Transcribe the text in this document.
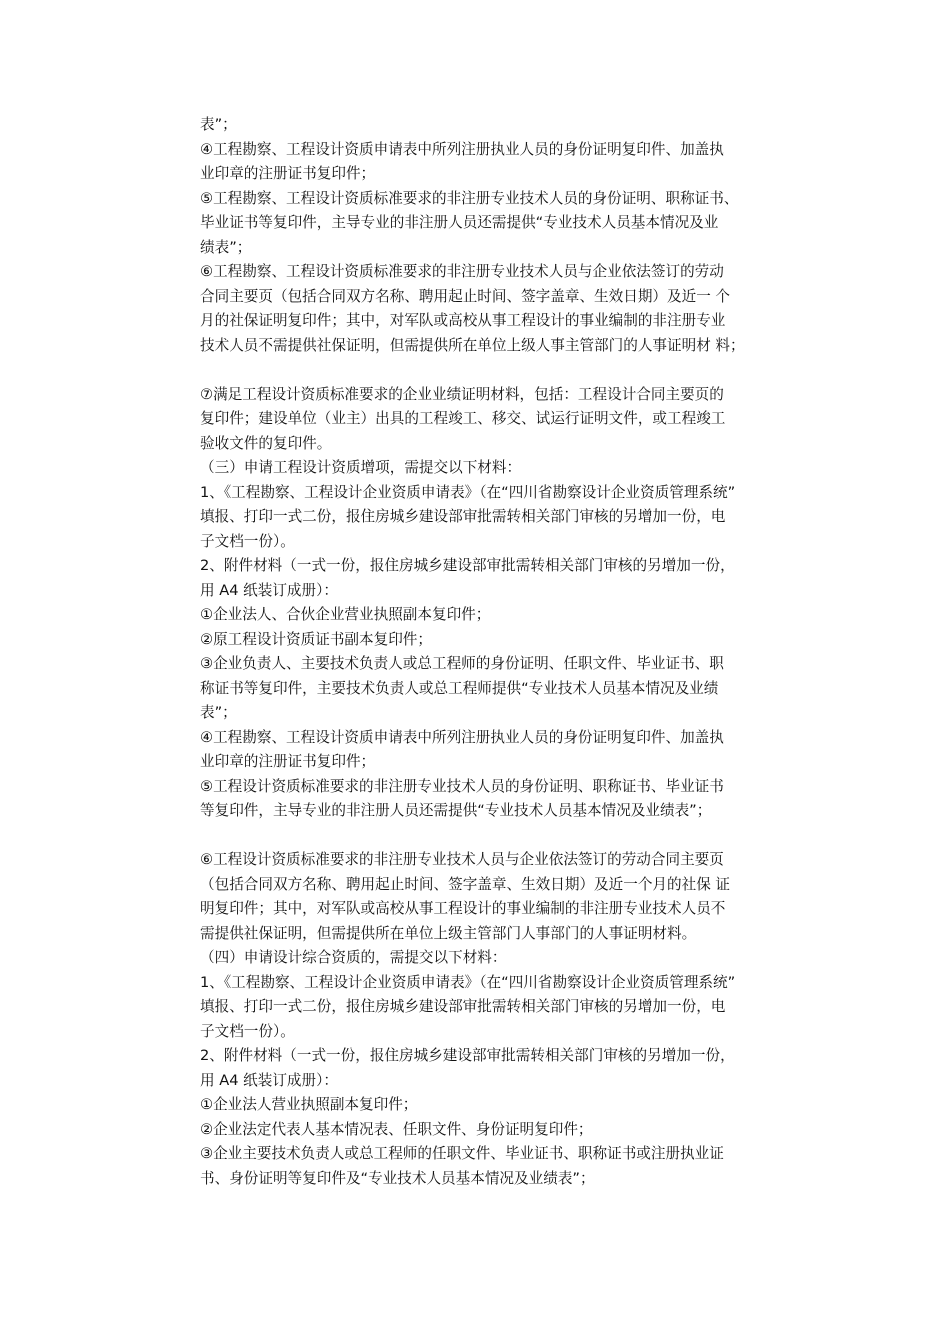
表”；
④工程勘察、工程设计资质申请表中所列注册执业人员的身份证明复印件、加盖执
业印章的注册证书复印件；
⑤工程勘察、工程设计资质标准要求的非注册专业技术人员的身份证明、职称证书、
毕业证书等复印件，主导专业的非注册人员还需提供“专业技术人员基本情况及业
绩表”；
⑥工程勘察、工程设计资质标准要求的非注册专业技术人员与企业依法签订的劳动
合同主要页（包括合同双方名称、聘用起止时间、签字盖章、生效日期）及近一 个
月的社保证明复印件；其中，对军队或高校从事工程设计的事业编制的非注册专业
技术人员不需提供社保证明，但需提供所在单位上级人事主管部门的人事证明材 料；
⑦满足工程设计资质标准要求的企业业绩证明材料，包括：工程设计合同主要页的
复印件；建设单位（业主）出具的工程竣工、移交、试运行证明文件，或工程竣工
验收文件的复印件。
（三）申请工程设计资质增项，需提交以下材料：
1、《工程勘察、工程设计企业资质申请表》（在“四川省勘察设计企业资质管理系统”
填报、打印一式二份，报住房城乡建设部审批需转相关部门审核的另增加一份，电
子文档一份）。
2、附件材料（一式一份，报住房城乡建设部审批需转相关部门审核的另增加一份，
用 A4 纸装订成册）：
①企业法人、合伙企业营业执照副本复印件；
②原工程设计资质证书副本复印件；
③企业负责人、主要技术负责人或总工程师的身份证明、任职文件、毕业证书、职
称证书等复印件，主要技术负责人或总工程师提供“专业技术人员基本情况及业绩
表”；
④工程勘察、工程设计资质申请表中所列注册执业人员的身份证明复印件、加盖执
业印章的注册证书复印件；
⑤工程设计资质标准要求的非注册专业技术人员的身份证明、职称证书、毕业证书
等复印件，主导专业的非注册人员还需提供“专业技术人员基本情况及业绩表”；
⑥工程设计资质标准要求的非注册专业技术人员与企业依法签订的劳动合同主要页
（包括合同双方名称、聘用起止时间、签字盖章、生效日期）及近一个月的社保 证
明复印件；其中，对军队或高校从事工程设计的事业编制的非注册专业技术人员不
需提供社保证明，但需提供所在单位上级主管部门人事部门的人事证明材料。
（四）申请设计综合资质的，需提交以下材料：
1、《工程勘察、工程设计企业资质申请表》（在“四川省勘察设计企业资质管理系统”
填报、打印一式二份，报住房城乡建设部审批需转相关部门审核的另增加一份，电
子文档一份）。
2、附件材料（一式一份，报住房城乡建设部审批需转相关部门审核的另增加一份，
用 A4 纸装订成册）：
①企业法人营业执照副本复印件；
②企业法定代表人基本情况表、任职文件、身份证明复印件；
③企业主要技术负责人或总工程师的任职文件、毕业证书、职称证书或注册执业证
书、身份证明等复印件及“专业技术人员基本情况及业绩表”；
